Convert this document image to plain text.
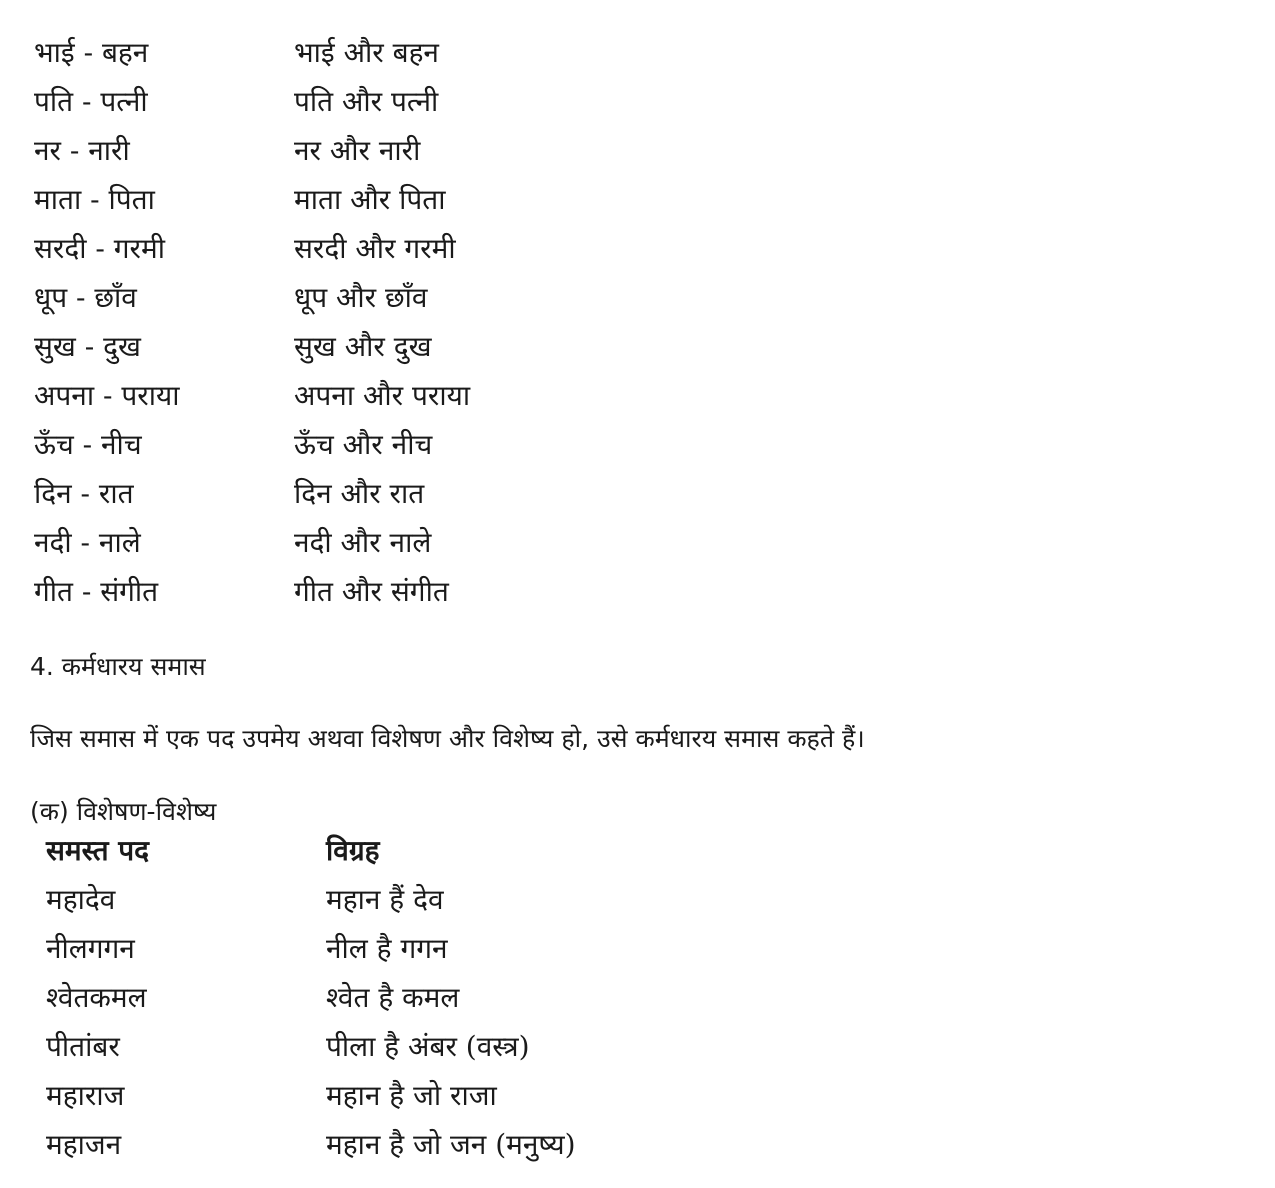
भाई - बहन	भाई और बहन
पति - पत्नी	पति और पत्नी
नर - नारी	नर और नारी
माता - पिता	माता और पिता
सरदी - गरमी	सरदी और गरमी
धूप - छाँव	धूप और छाँव
सुख - दुख	सुख और दुख
अपना - पराया	अपना और पराया
ऊँच - नीच	ऊँच और नीच
दिन - रात	दिन और रात
नदी - नाले	नदी और नाले
गीत - संगीत	गीत और संगीत
4. कर्मधारय समास
जिस समास में एक पद उपमेय अथवा विशेषण और विशेष्य हो, उसे कर्मधारय समास कहते हैं।
(क) विशेषण-विशेष्य
समस्त पद	विग्रह
महादेव	महान हैं देव
नीलगगन	नील है गगन
श्वेतकमल	श्वेत है कमल
पीतांबर	पीला है अंबर (वस्त्र)
महाराज	महान है जो राजा
महाजन	महान है जो जन (मनुष्य)
